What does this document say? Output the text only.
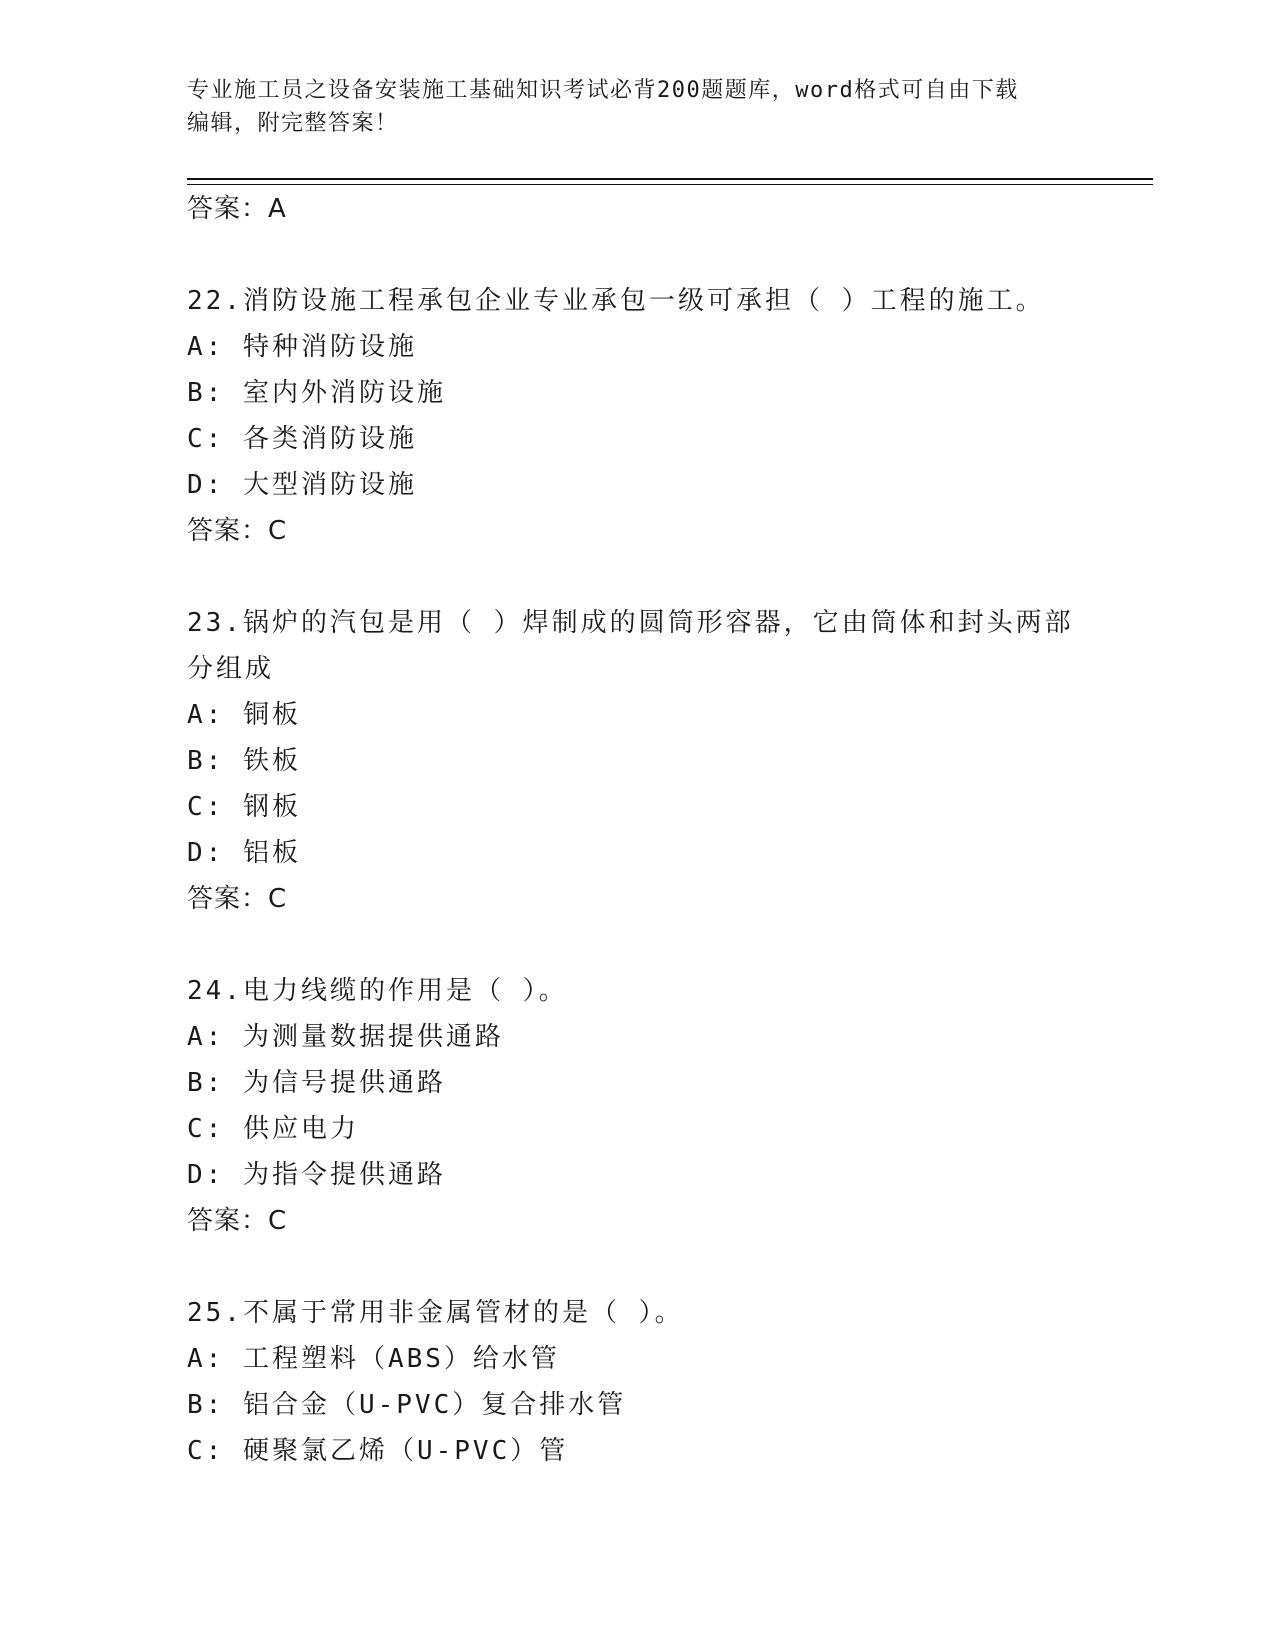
专业施工员之设备安装施工基础知识考试必背200题题库，word格式可自由下载
编辑，附完整答案！
答案：A
22.消防设施工程承包企业专业承包一级可承担（ ）工程的施工。
A: 特种消防设施
B: 室内外消防设施
C: 各类消防设施
D: 大型消防设施
答案：C
23.锅炉的汽包是用（ ）焊制成的圆筒形容器，它由筒体和封头两部
分组成
A: 铜板
B: 铁板
C: 钢板
D: 铝板
答案：C
24.电力线缆的作用是（ ）。
A: 为测量数据提供通路
B: 为信号提供通路
C: 供应电力
D: 为指令提供通路
答案：C
25.不属于常用非金属管材的是（ ）。
A: 工程塑料（ABS）给水管
B: 铝合金（U-PVC）复合排水管
C: 硬聚氯乙烯（U-PVC）管
